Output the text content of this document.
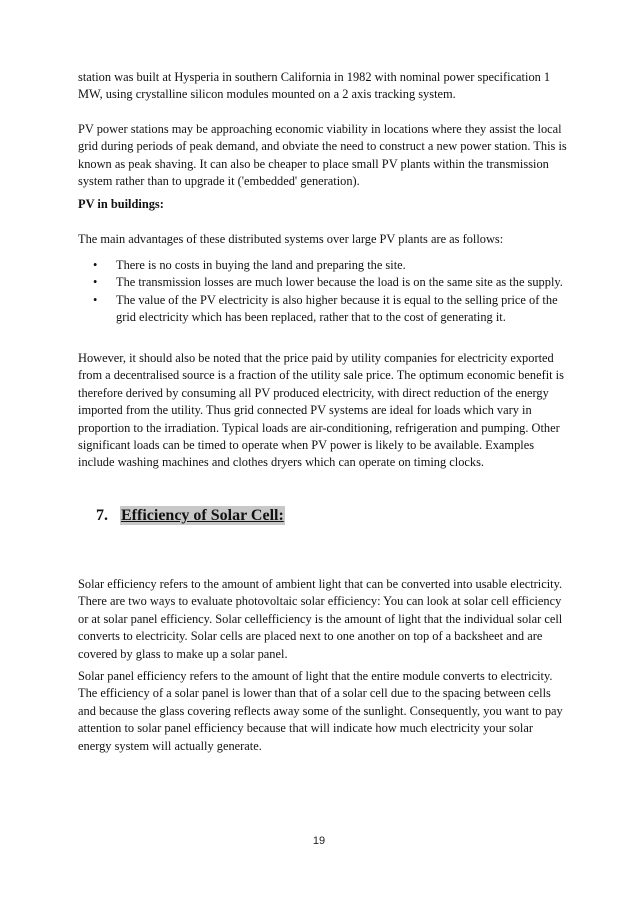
station was built at Hysperia in southern California in 1982 with nominal power specification 1 MW, using crystalline silicon modules mounted on a 2 axis tracking system.

PV power stations may be approaching economic viability in locations where they assist the local grid during periods of peak demand, and obviate the need to construct a new power station. This is known as peak shaving. It can also be cheaper to place small PV plants within the transmission system rather than to upgrade it ('embedded' generation).

PV in buildings:

The main advantages of these distributed systems over large PV plants are as follows:

• There is no costs in buying the land and preparing the site.
• The transmission losses are much lower because the load is on the same site as the supply.
• The value of the PV electricity is also higher because it is equal to the selling price of the grid electricity which has been replaced, rather that to the cost of generating it.

However, it should also be noted that the price paid by utility companies for electricity exported from a decentralised source is a fraction of the utility sale price. The optimum economic benefit is therefore derived by consuming all PV produced electricity, with direct reduction of the energy imported from the utility. Thus grid connected PV systems are ideal for loads which vary in proportion to the irradiation. Typical loads are air-conditioning, refrigeration and pumping. Other significant loads can be timed to operate when PV power is likely to be available. Examples include washing machines and clothes dryers which can operate on timing clocks.

7. Efficiency of Solar Cell:

Solar efficiency refers to the amount of ambient light that can be converted into usable electricity. There are two ways to evaluate photovoltaic solar efficiency: You can look at solar cell efficiency or at solar panel efficiency. Solar cellefficiency is the amount of light that the individual solar cell converts to electricity. Solar cells are placed next to one another on top of a backsheet and are covered by glass to make up a solar panel.

Solar panel efficiency refers to the amount of light that the entire module converts to electricity. The efficiency of a solar panel is lower than that of a solar cell due to the spacing between cells and because the glass covering reflects away some of the sunlight. Consequently, you want to pay attention to solar panel efficiency because that will indicate how much electricity your solar energy system will actually generate.

19
